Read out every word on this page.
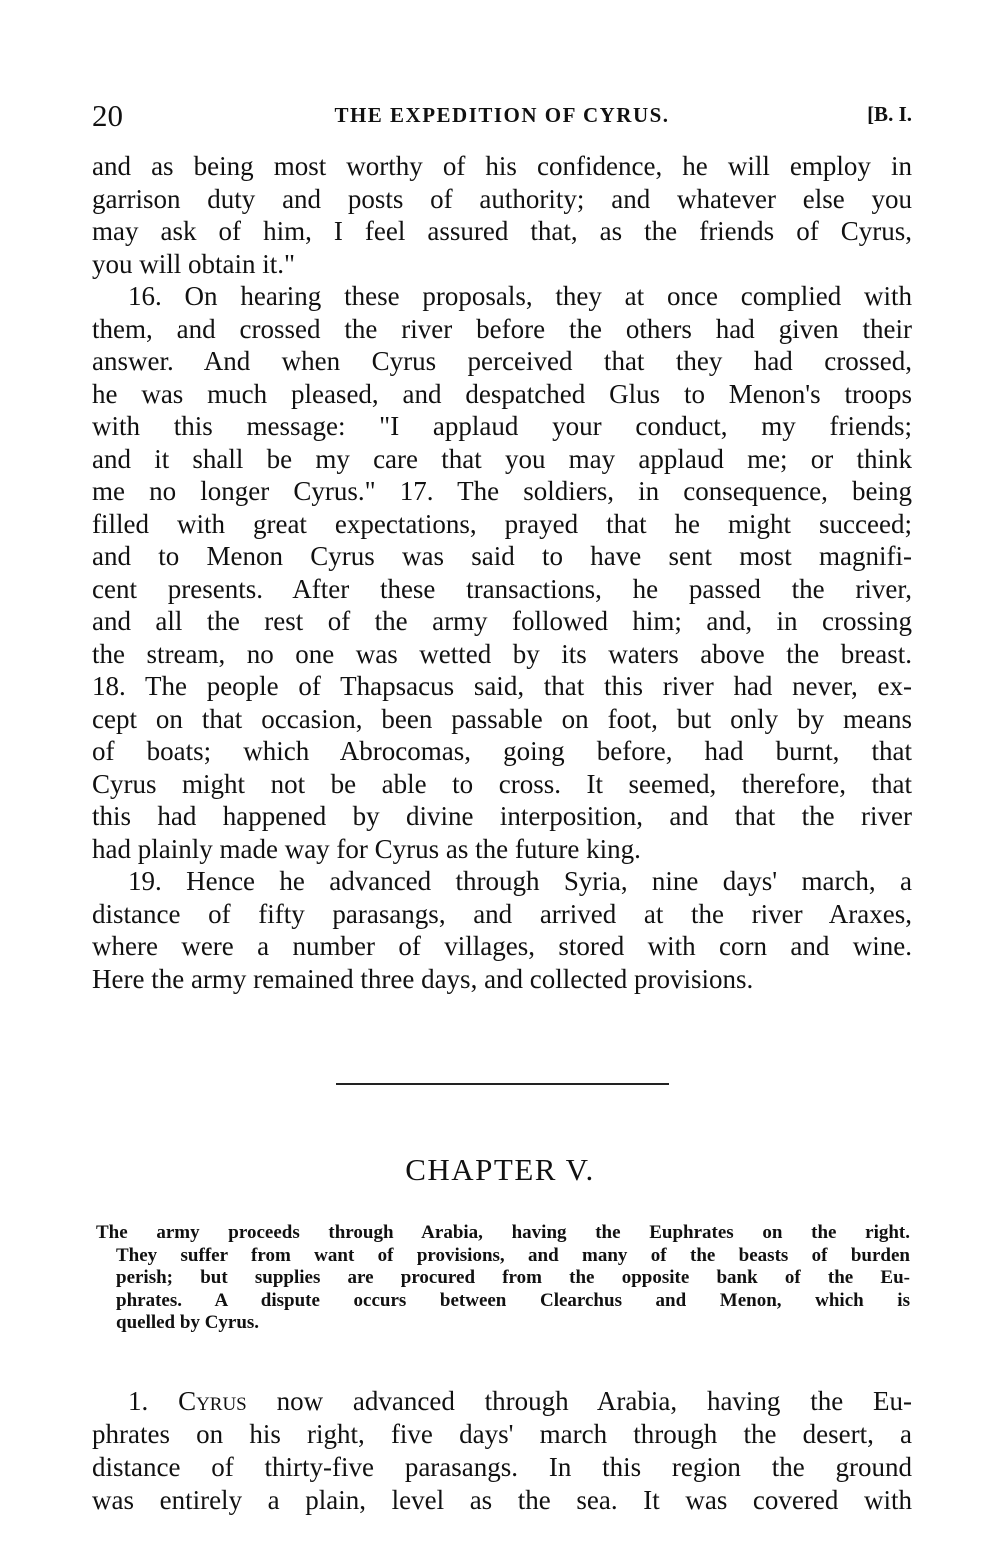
20	THE EXPEDITION OF CYRUS.	[B. I.
and as being most worthy of his confidence, he will employ in
garrison duty and posts of authority; and whatever else you
may ask of him, I feel assured that, as the friends of Cyrus,
you will obtain it."
16. On hearing these proposals, they at once complied with
them, and crossed the river before the others had given their
answer. And when Cyrus perceived that they had crossed,
he was much pleased, and despatched Glus to Menon's troops
with this message: "I applaud your conduct, my friends;
and it shall be my care that you may applaud me; or think
me no longer Cyrus." 17. The soldiers, in consequence, being
filled with great expectations, prayed that he might succeed;
and to Menon Cyrus was said to have sent most magnifi-
cent presents. After these transactions, he passed the river,
and all the rest of the army followed him; and, in crossing
the stream, no one was wetted by its waters above the breast.
18. The people of Thapsacus said, that this river had never, ex-
cept on that occasion, been passable on foot, but only by means
of boats; which Abrocomas, going before, had burnt, that
Cyrus might not be able to cross. It seemed, therefore, that
this had happened by divine interposition, and that the river
had plainly made way for Cyrus as the future king.
19. Hence he advanced through Syria, nine days' march, a
distance of fifty parasangs, and arrived at the river Araxes,
where were a number of villages, stored with corn and wine.
Here the army remained three days, and collected provisions.
CHAPTER V.
The army proceeds through Arabia, having the Euphrates on the right.
They suffer from want of provisions, and many of the beasts of burden
perish; but supplies are procured from the opposite bank of the Eu-
phrates. A dispute occurs between Clearchus and Menon, which is
quelled by Cyrus.
1. Cyrus now advanced through Arabia, having the Eu-
phrates on his right, five days' march through the desert, a
distance of thirty-five parasangs. In this region the ground
was entirely a plain, level as the sea. It was covered with
